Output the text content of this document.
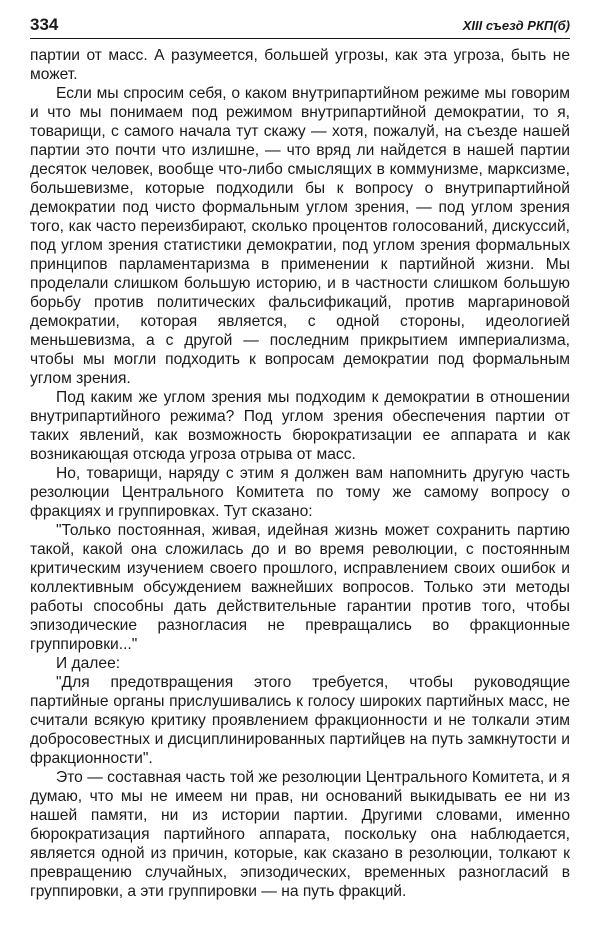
334	XIII съезд РКП(б)

партии от масс. А разумеется, большей угрозы, как эта угроза, быть не может.

Если мы спросим себя, о каком внутрипартийном режиме мы говорим и что мы понимаем под режимом внутрипартийной демократии, то я, товарищи, с самого начала тут скажу — хотя, пожалуй, на съезде нашей партии это почти что излишне, — что вряд ли найдется в нашей партии десяток человек, вообще что-либо смыслящих в коммунизме, марксизме, большевизме, которые подходили бы к вопросу о внутрипартийной демократии под чисто формальным углом зрения, — под углом зрения того, как часто переизбирают, сколько процентов голосований, дискуссий, под углом зрения статистики демократии, под углом зрения формальных принципов парламентаризма в применении к партийной жизни. Мы проделали слишком большую историю, и в частности слишком большую борьбу против политических фальсификаций, против маргариновой демократии, которая является, с одной стороны, идеологией меньшевизма, а с другой — последним прикрытием империализма, чтобы мы могли подходить к вопросам демократии под формальным углом зрения.

Под каким же углом зрения мы подходим к демократии в отношении внутрипартийного режима? Под углом зрения обеспечения партии от таких явлений, как возможность бюрократизации ее аппарата и как возникающая отсюда угроза отрыва от масс.

Но, товарищи, наряду с этим я должен вам напомнить другую часть резолюции Центрального Комитета по тому же самому вопросу о фракциях и группировках. Тут сказано:

"Только постоянная, живая, идейная жизнь может сохранить партию такой, какой она сложилась до и во время революции, с постоянным критическим изучением своего прошлого, исправлением своих ошибок и коллективным обсуждением важнейших вопросов. Только эти методы работы способны дать действительные гарантии против того, чтобы эпизодические разногласия не превращались во фракционные группировки..."

И далее:

"Для предотвращения этого требуется, чтобы руководящие партийные органы прислушивались к голосу широких партийных масс, не считали всякую критику проявлением фракционности и не толкали этим добросовестных и дисциплинированных партийцев на путь замкнутости и фракционности".

Это — составная часть той же резолюции Центрального Комитета, и я думаю, что мы не имеем ни прав, ни оснований выкидывать ее ни из нашей памяти, ни из истории партии. Другими словами, именно бюрократизация партийного аппарата, поскольку она наблюдается, является одной из причин, которые, как сказано в резолюции, толкают к превращению случайных, эпизодических, временных разногласий в группировки, а эти группировки — на путь фракций.
